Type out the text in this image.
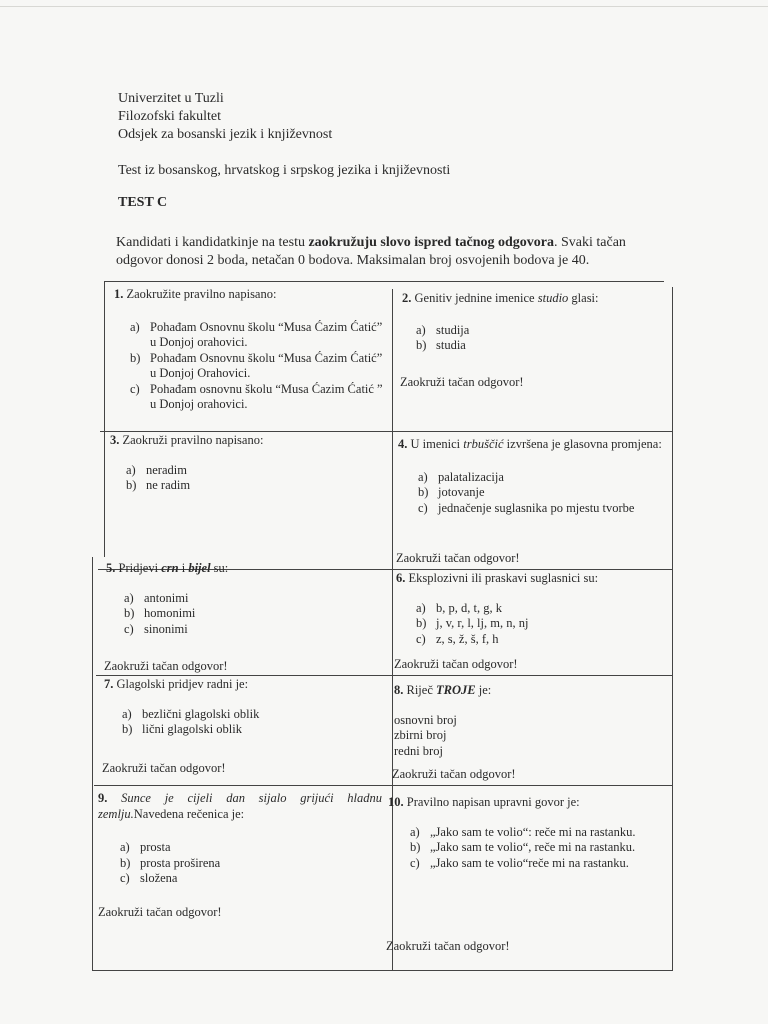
Univerzitet u Tuzli
Filozofski fakultet
Odsjek za bosanski jezik i književnost
Test iz bosanskog, hrvatskog i srpskog jezika i književnosti
TEST C
Kandidati i kandidatkinje na testu zaokružuju slovo ispred tačnog odgovora. Svaki tačan odgovor donosi 2 boda, netačan 0 bodova. Maksimalan broj osvojenih bodova je 40.
1. Zaokružite pravilno napisano:
a) Pohađam Osnovnu školu “Musa Ćazim Ćatić” u Donjoj orahovici.
b) Pohađam Osnovnu školu “Musa Ćazim Ćatić” u Donjoj Orahovici.
c) Pohađam osnovnu školu “Musa Ćazim Ćatić ” u Donjoj orahovici.
2. Genitiv jednine imenice studio glasi:
a) studija
b) studia
Zaokruži tačan odgovor!
3. Zaokruži pravilno napisano:
a) neradim
b) ne radim
4. U imenici trbuščić izvršena je glasovna promjena:
a) palatalizacija
b) jotovanje
c) jednačenje suglasnika po mjestu tvorbe
Zaokruži tačan odgovor!
5. Pridjevi crn i bijel su:
a) antonimi
b) homonimi
c) sinonimi
Zaokruži tačan odgovor!
6. Eksplozivni ili praskavi suglasnici su:
a) b, p, d, t, g, k
b) j, v, r, l, lj, m, n, nj
c) z, s, ž, š, f, h
Zaokruži tačan odgovor!
7. Glagolski pridjev radni je:
a) bezlični glagolski oblik
b) lični glagolski oblik
Zaokruži tačan odgovor!
8. Riječ TROJE je:
osnovni broj
zbirni broj
redni broj
Zaokruži tačan odgovor!
9. Sunce je cijeli dan sijalo grijući hladnu zemlju.Navedena rečenica je:
a) prosta
b) prosta proširena
c) složena
Zaokruži tačan odgovor!
10. Pravilno napisan upravni govor je:
a) „Jako sam te volio“: reče mi na rastanku.
b) „Jako sam te volio“, reče mi na rastanku.
c) „Jako sam te volio“reče mi na rastanku.
Zaokruži tačan odgovor!
